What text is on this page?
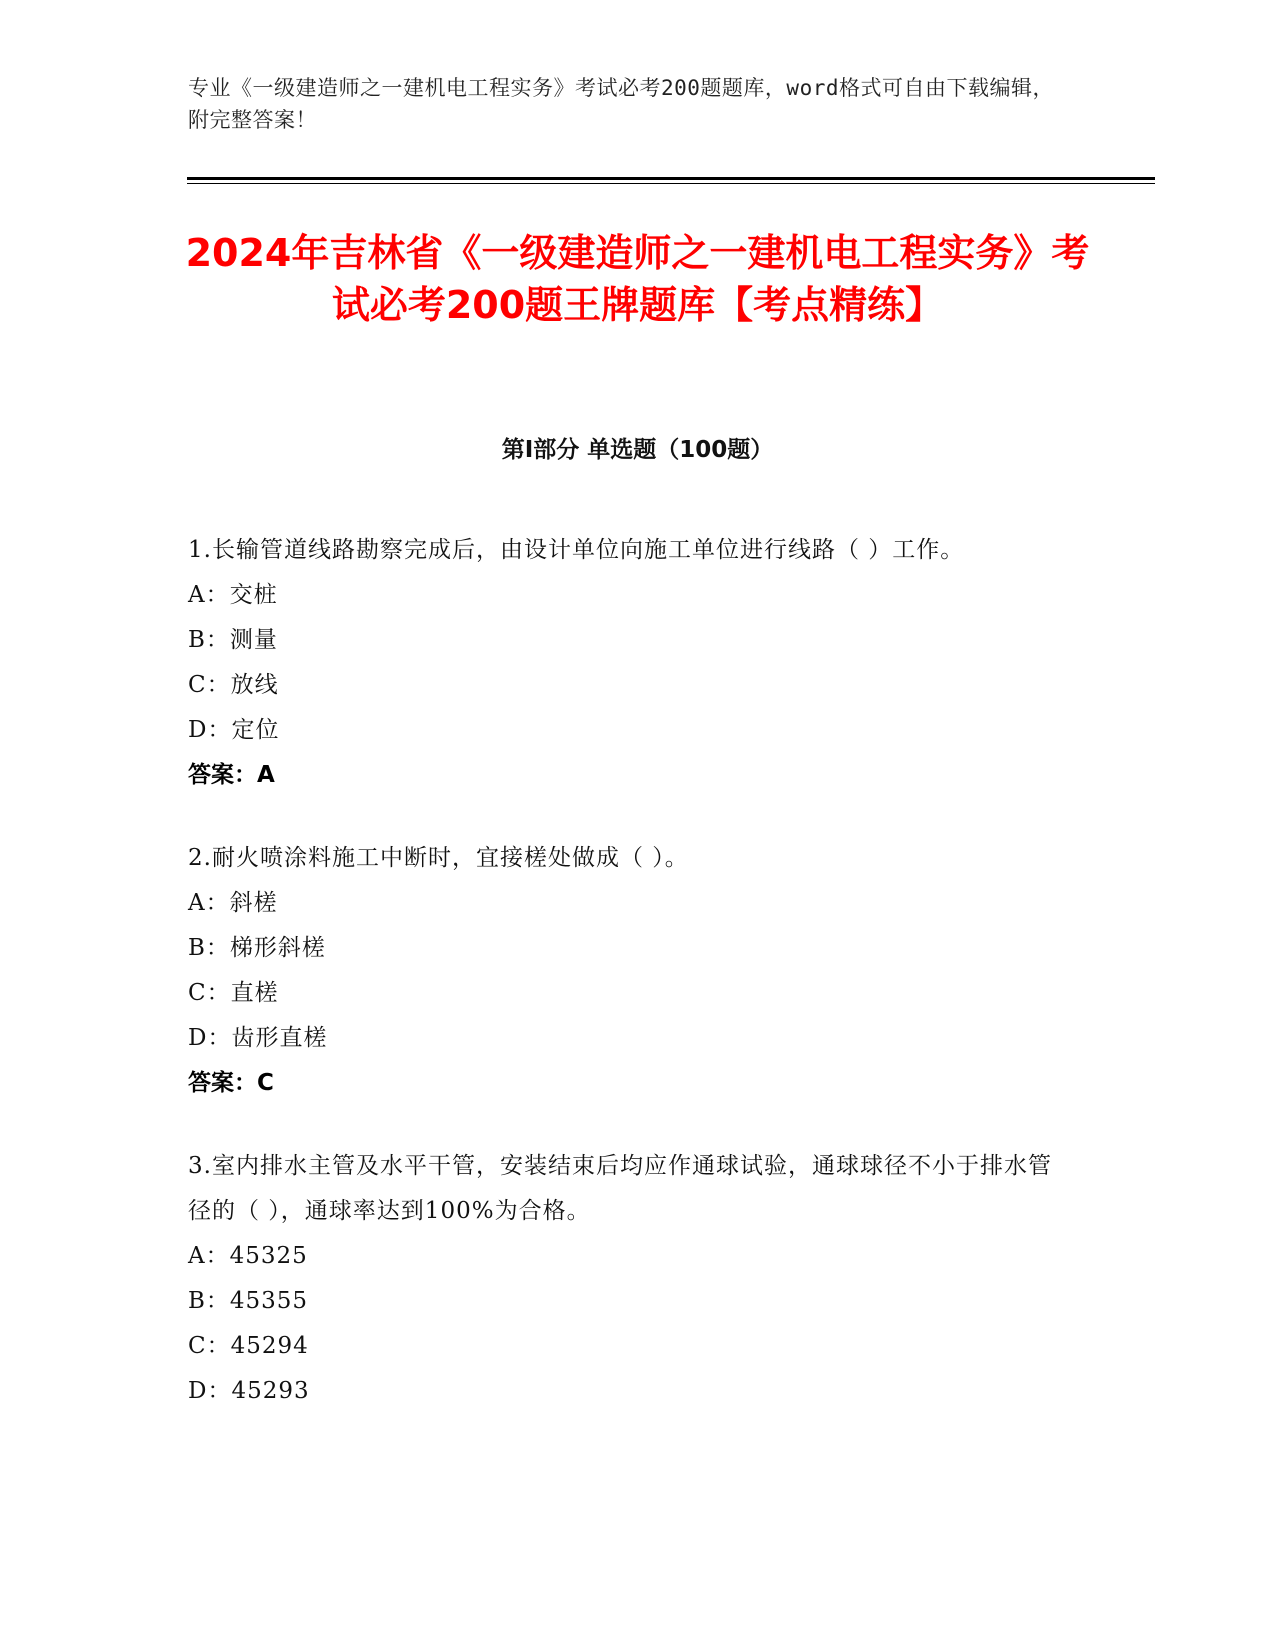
专业《一级建造师之一建机电工程实务》考试必考200题题库，word格式可自由下载编辑，附完整答案！
2024年吉林省《一级建造师之一建机电工程实务》考试必考200题王牌题库【考点精练】
第Ⅰ部分 单选题（100题）

1.长输管道线路勘察完成后，由设计单位向施工单位进行线路（ ）工作。

A：交桩

B：测量

C：放线

D：定位

答案：A

2.耐火喷涂料施工中断时，宜接槎处做成（ ）。

A：斜槎

B：梯形斜槎

C：直槎

D：齿形直槎

答案：C

3.室内排水主管及水平干管，安装结束后均应作通球试验，通球球径不小于排水管径的（ ），通球率达到100%为合格。

A：45325

B：45355

C：45294

D：45293
